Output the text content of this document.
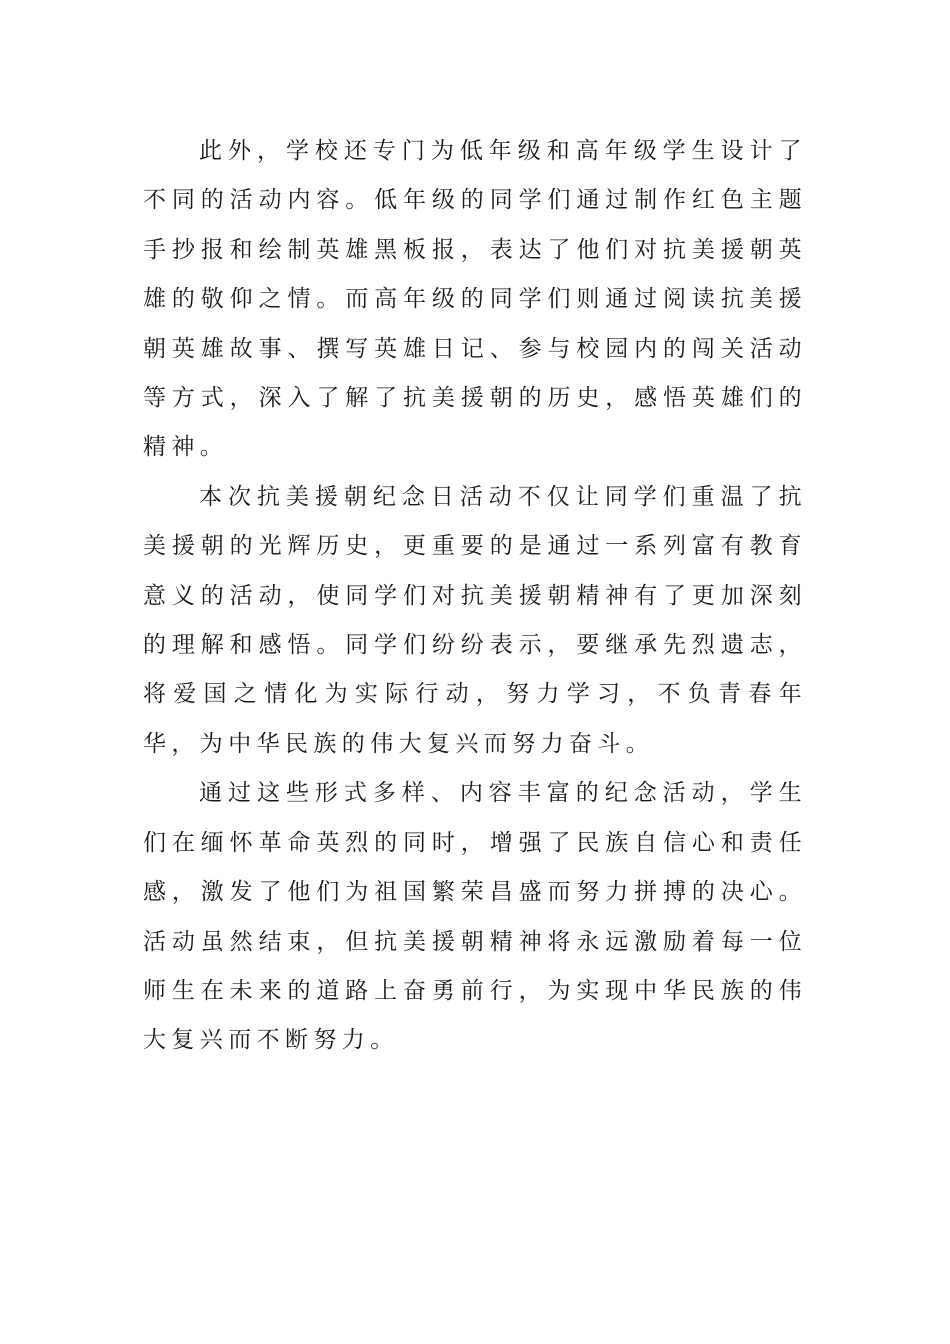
此外，学校还专门为低年级和高年级学生设计了不同的活动内容。低年级的同学们通过制作红色主题手抄报和绘制英雄黑板报，表达了他们对抗美援朝英雄的敬仰之情。而高年级的同学们则通过阅读抗美援朝英雄故事、撰写英雄日记、参与校园内的闯关活动等方式，深入了解了抗美援朝的历史，感悟英雄们的精神。

本次抗美援朝纪念日活动不仅让同学们重温了抗美援朝的光辉历史，更重要的是通过一系列富有教育意义的活动，使同学们对抗美援朝精神有了更加深刻的理解和感悟。同学们纷纷表示，要继承先烈遗志，将爱国之情化为实际行动，努力学习，不负青春年华，为中华民族的伟大复兴而努力奋斗。

通过这些形式多样、内容丰富的纪念活动，学生们在缅怀革命英烈的同时，增强了民族自信心和责任感，激发了他们为祖国繁荣昌盛而努力拼搏的决心。活动虽然结束，但抗美援朝精神将永远激励着每一位师生在未来的道路上奋勇前行，为实现中华民族的伟大复兴而不断努力。
